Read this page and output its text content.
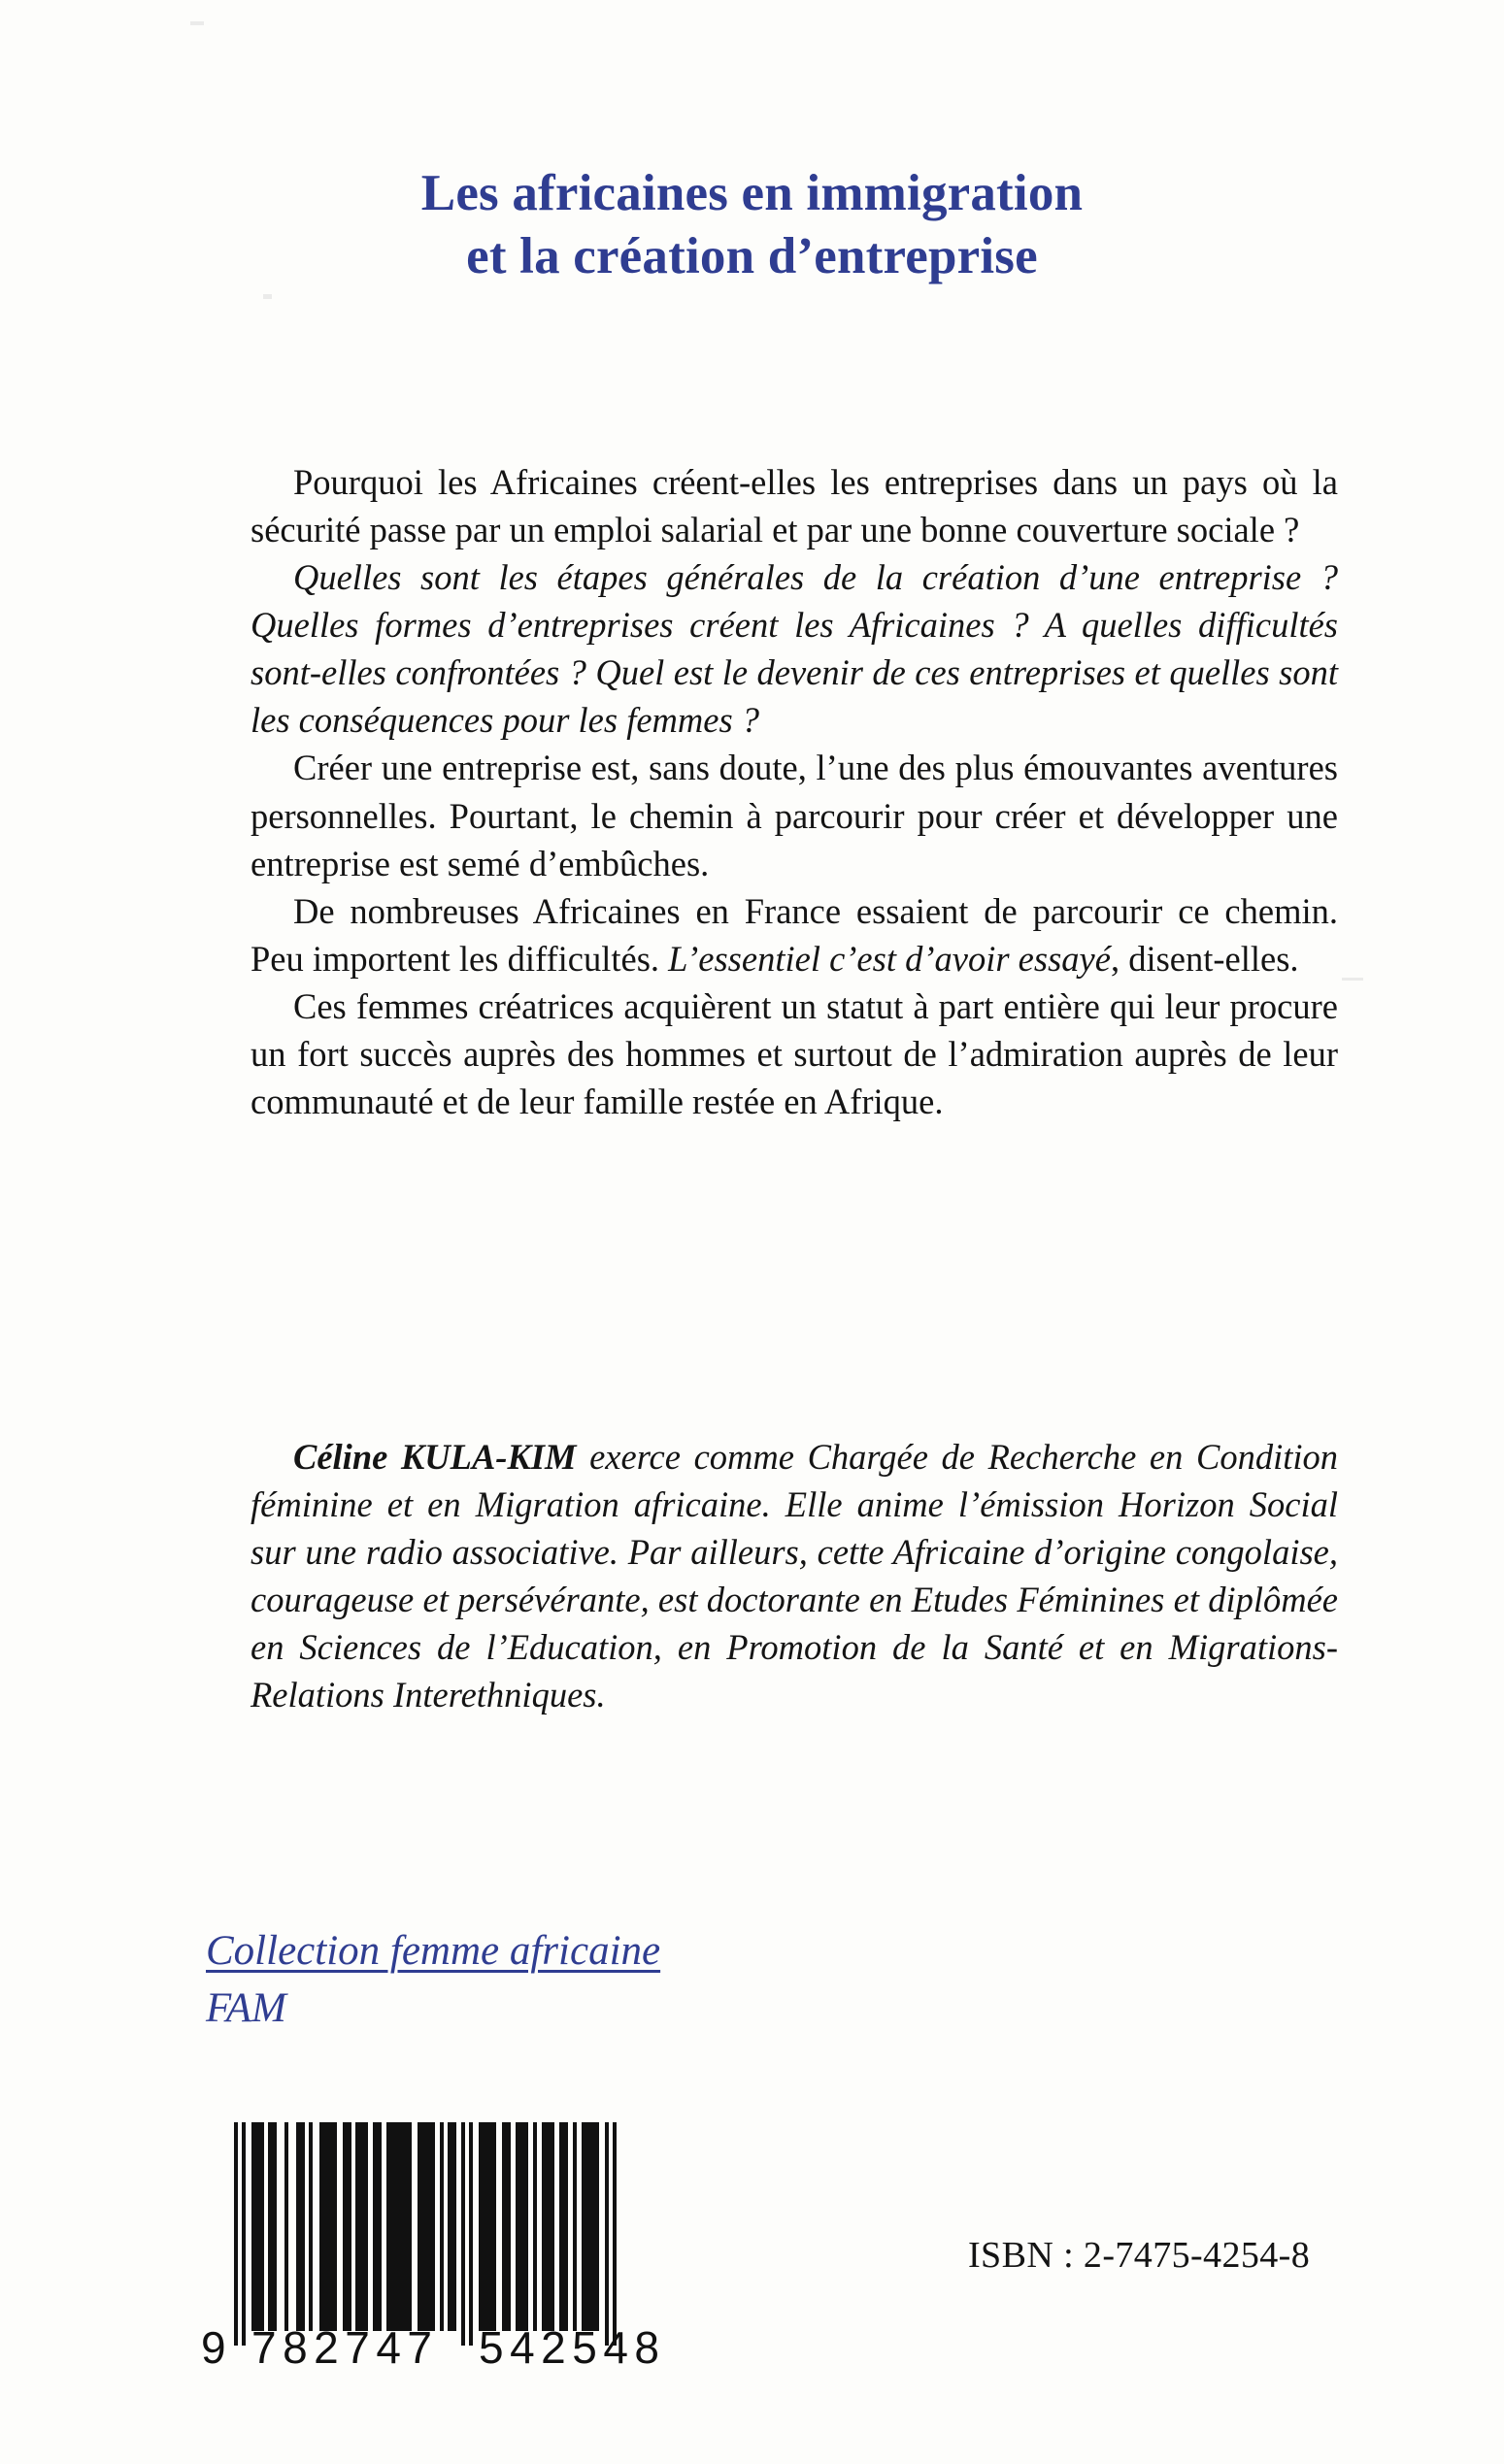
Les africaines en immigration
et la création d’entreprise

Pourquoi les Africaines créent-elles les entreprises dans un pays où la sécurité passe par un emploi salarial et par une bonne couverture sociale ?

Quelles sont les étapes générales de la création d’une entreprise ? Quelles formes d’entreprises créent les Africaines ? A quelles difficultés sont-elles confrontées ? Quel est le devenir de ces entreprises et quelles sont les conséquences pour les femmes ?

Créer une entreprise est, sans doute, l’une des plus émouvantes aventures personnelles. Pourtant, le chemin à parcourir pour créer et développer une entreprise est semé d’embûches.

De nombreuses Africaines en France essaient de parcourir ce chemin. Peu importent les difficultés. L’essentiel c’est d’avoir essayé, disent-elles.

Ces femmes créatrices acquièrent un statut à part entière qui leur procure un fort succès auprès des hommes et surtout de l’admiration auprès de leur communauté et de leur famille restée en Afrique.

Céline KULA-KIM exerce comme Chargée de Recherche en Condition féminine et en Migration africaine. Elle anime l’émission Horizon Social sur une radio associative. Par ailleurs, cette Africaine d’origine congolaise, courageuse et persévérante, est doctorante en Etudes Féminines et diplômée en Sciences de l’Education, en Promotion de la Santé et en Migrations-Relations Interethniques.

Collection femme africaine
FAM
9 782747 542548
ISBN : 2-7475-4254-8
